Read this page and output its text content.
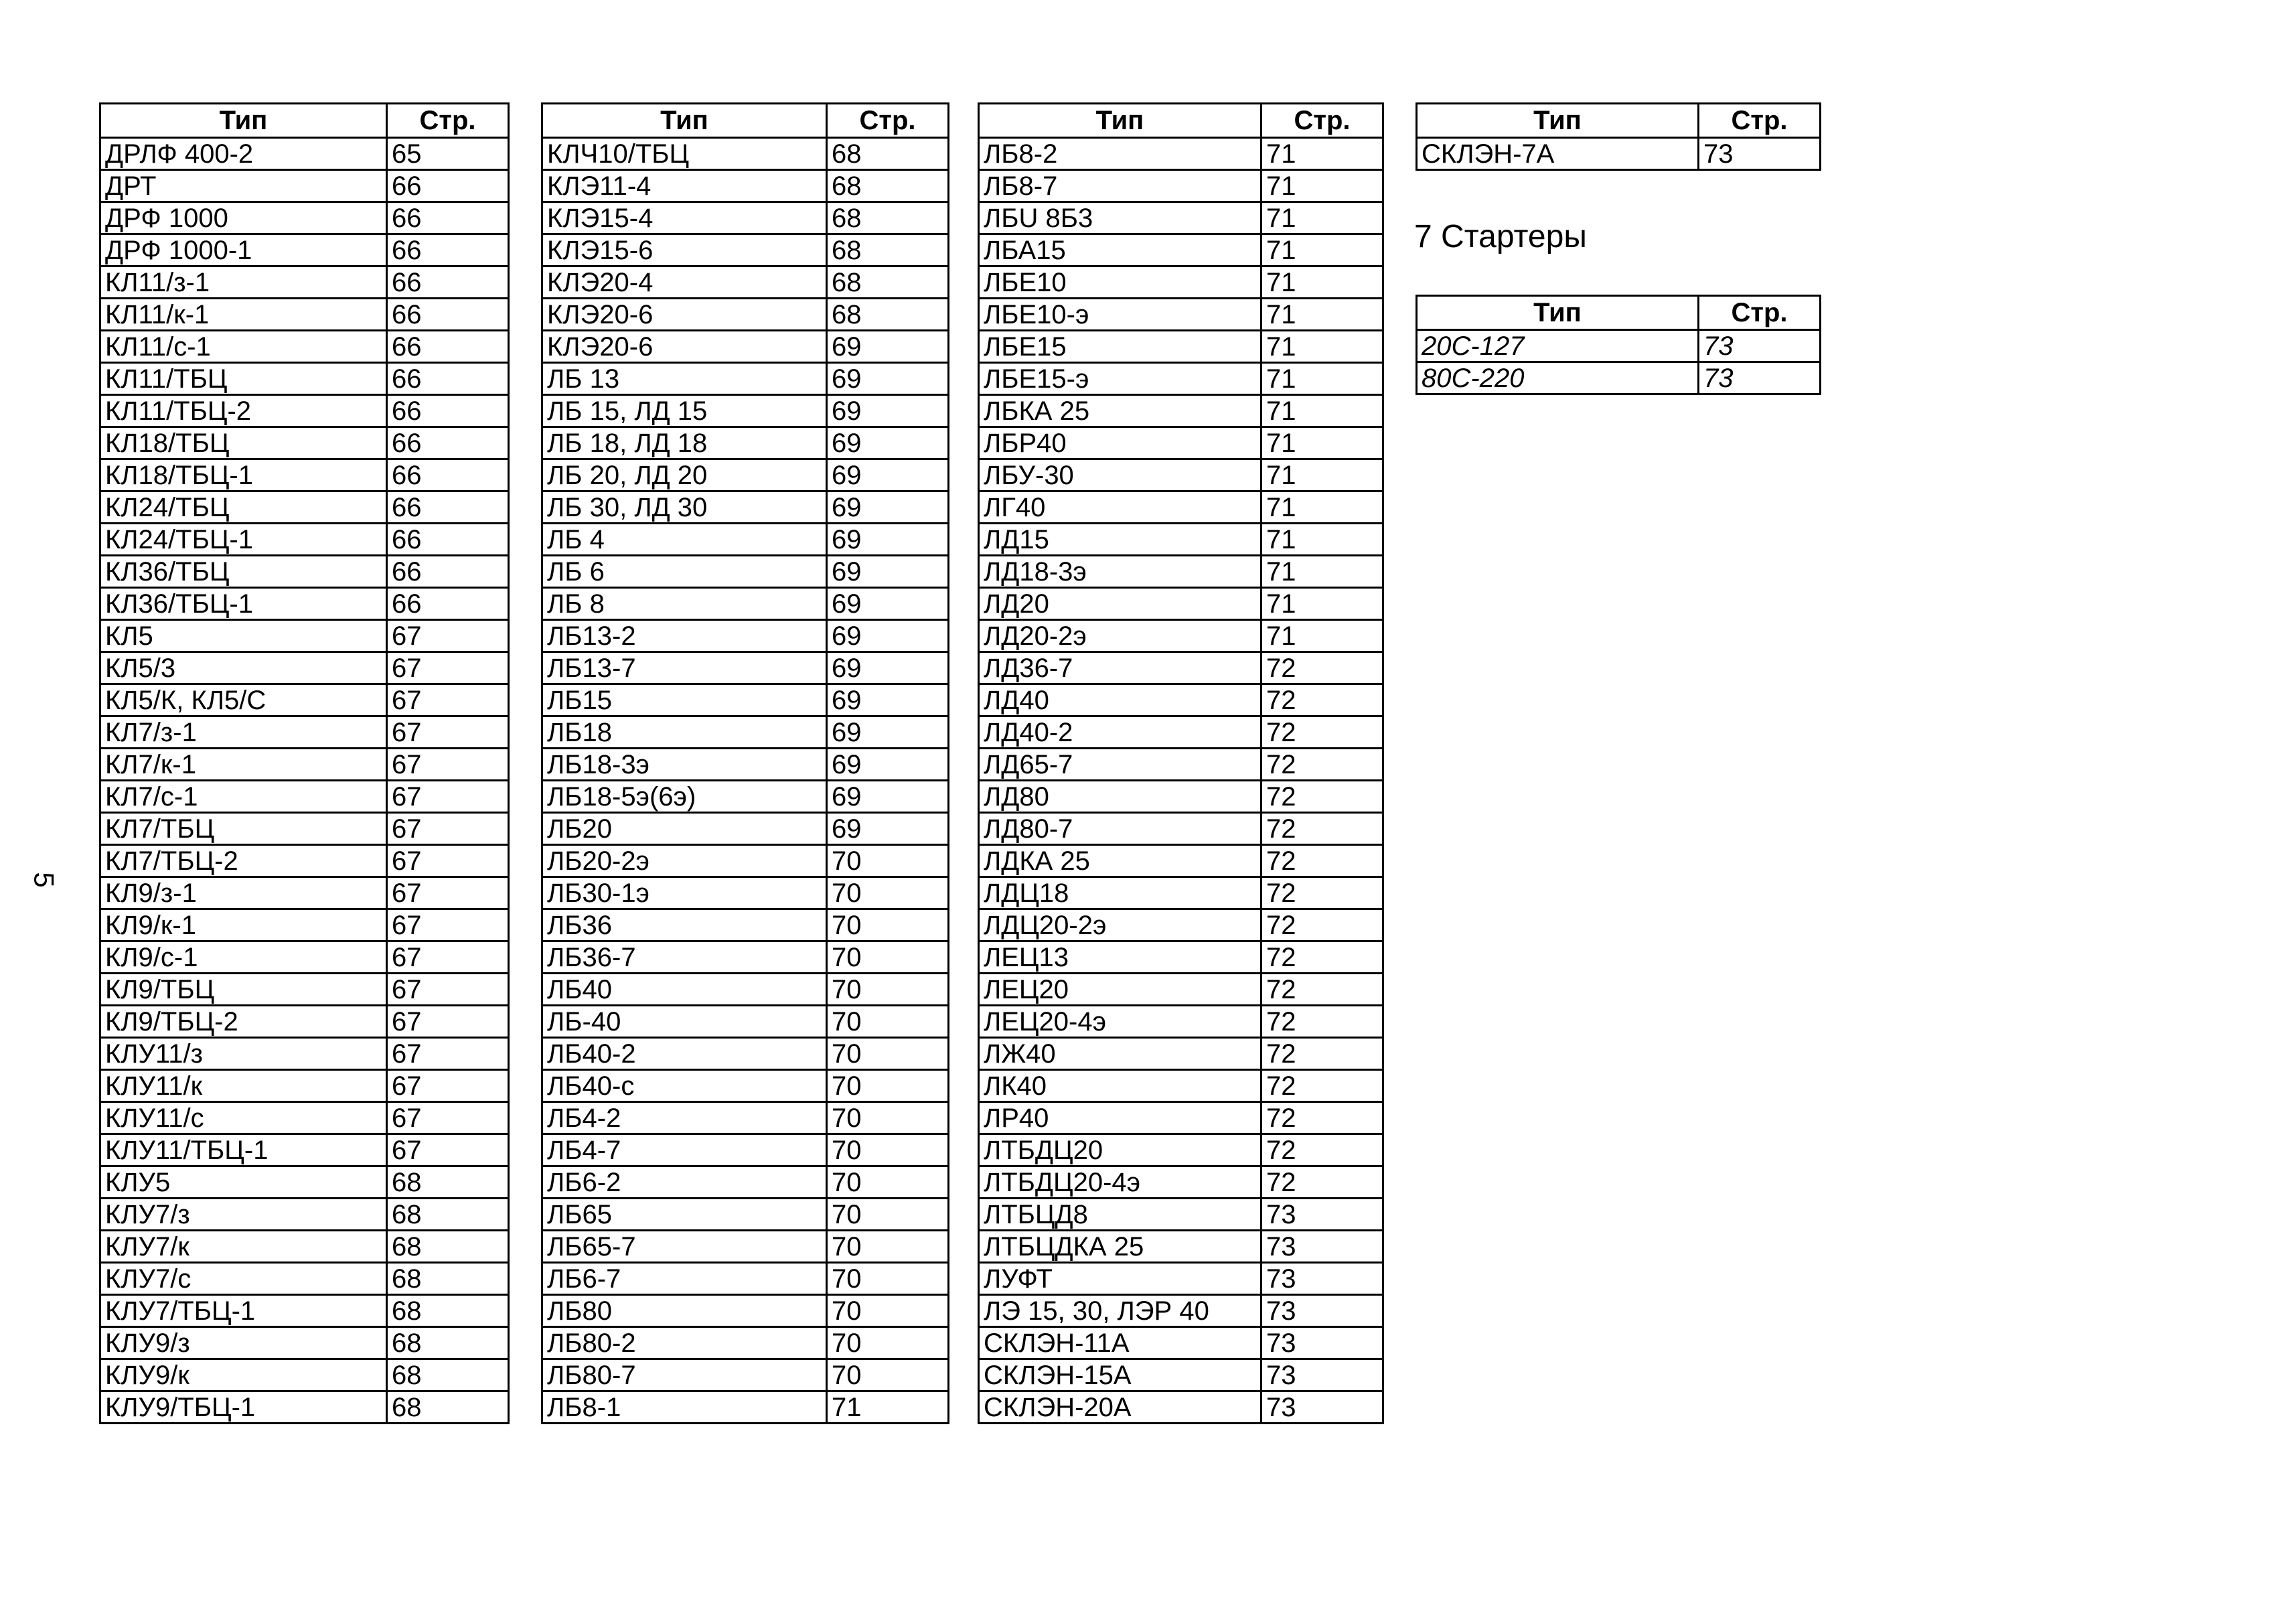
5
Тип	Стр.
ДРЛФ 400-2	65
ДРТ	66
ДРФ 1000	66
ДРФ 1000-1	66
КЛ11/з-1	66
КЛ11/к-1	66
КЛ11/с-1	66
КЛ11/ТБЦ	66
КЛ11/ТБЦ-2	66
КЛ18/ТБЦ	66
КЛ18/ТБЦ-1	66
КЛ24/ТБЦ	66
КЛ24/ТБЦ-1	66
КЛ36/ТБЦ	66
КЛ36/ТБЦ-1	66
КЛ5	67
КЛ5/3	67
КЛ5/К, КЛ5/С	67
КЛ7/з-1	67
КЛ7/к-1	67
КЛ7/с-1	67
КЛ7/ТБЦ	67
КЛ7/ТБЦ-2	67
КЛ9/з-1	67
КЛ9/к-1	67
КЛ9/с-1	67
КЛ9/ТБЦ	67
КЛ9/ТБЦ-2	67
КЛУ11/з	67
КЛУ11/к	67
КЛУ11/с	67
КЛУ11/ТБЦ-1	67
КЛУ5	68
КЛУ7/з	68
КЛУ7/к	68
КЛУ7/с	68
КЛУ7/ТБЦ-1	68
КЛУ9/з	68
КЛУ9/к	68
КЛУ9/ТБЦ-1	68
Тип	Стр.
КЛЧ10/ТБЦ	68
КЛЭ11-4	68
КЛЭ15-4	68
КЛЭ15-6	68
КЛЭ20-4	68
КЛЭ20-6	68
КЛЭ20-6	69
ЛБ 13	69
ЛБ 15, ЛД 15	69
ЛБ 18, ЛД 18	69
ЛБ 20, ЛД 20	69
ЛБ 30, ЛД 30	69
ЛБ 4	69
ЛБ 6	69
ЛБ 8	69
ЛБ13-2	69
ЛБ13-7	69
ЛБ15	69
ЛБ18	69
ЛБ18-3э	69
ЛБ18-5э(6э)	69
ЛБ20	69
ЛБ20-2э	70
ЛБ30-1э	70
ЛБ36	70
ЛБ36-7	70
ЛБ40	70
ЛБ-40	70
ЛБ40-2	70
ЛБ40-с	70
ЛБ4-2	70
ЛБ4-7	70
ЛБ6-2	70
ЛБ65	70
ЛБ65-7	70
ЛБ6-7	70
ЛБ80	70
ЛБ80-2	70
ЛБ80-7	70
ЛБ8-1	71
Тип	Стр.
ЛБ8-2	71
ЛБ8-7	71
ЛБU 8Б3	71
ЛБА15	71
ЛБЕ10	71
ЛБЕ10-э	71
ЛБЕ15	71
ЛБЕ15-э	71
ЛБКА 25	71
ЛБР40	71
ЛБУ-30	71
ЛГ40	71
ЛД15	71
ЛД18-3э	71
ЛД20	71
ЛД20-2э	71
ЛД36-7	72
ЛД40	72
ЛД40-2	72
ЛД65-7	72
ЛД80	72
ЛД80-7	72
ЛДКА 25	72
ЛДЦ18	72
ЛДЦ20-2э	72
ЛЕЦ13	72
ЛЕЦ20	72
ЛЕЦ20-4э	72
ЛЖ40	72
ЛК40	72
ЛР40	72
ЛТБДЦ20	72
ЛТБДЦ20-4э	72
ЛТБЦД8	73
ЛТБЦДКА 25	73
ЛУФТ	73
ЛЭ 15, 30, ЛЭР 40	73
СКЛЭН-11А	73
СКЛЭН-15А	73
СКЛЭН-20А	73
Тип	Стр.
СКЛЭН-7А	73
7 Стартеры
Тип	Стр.
20С-127	73
80С-220	73
